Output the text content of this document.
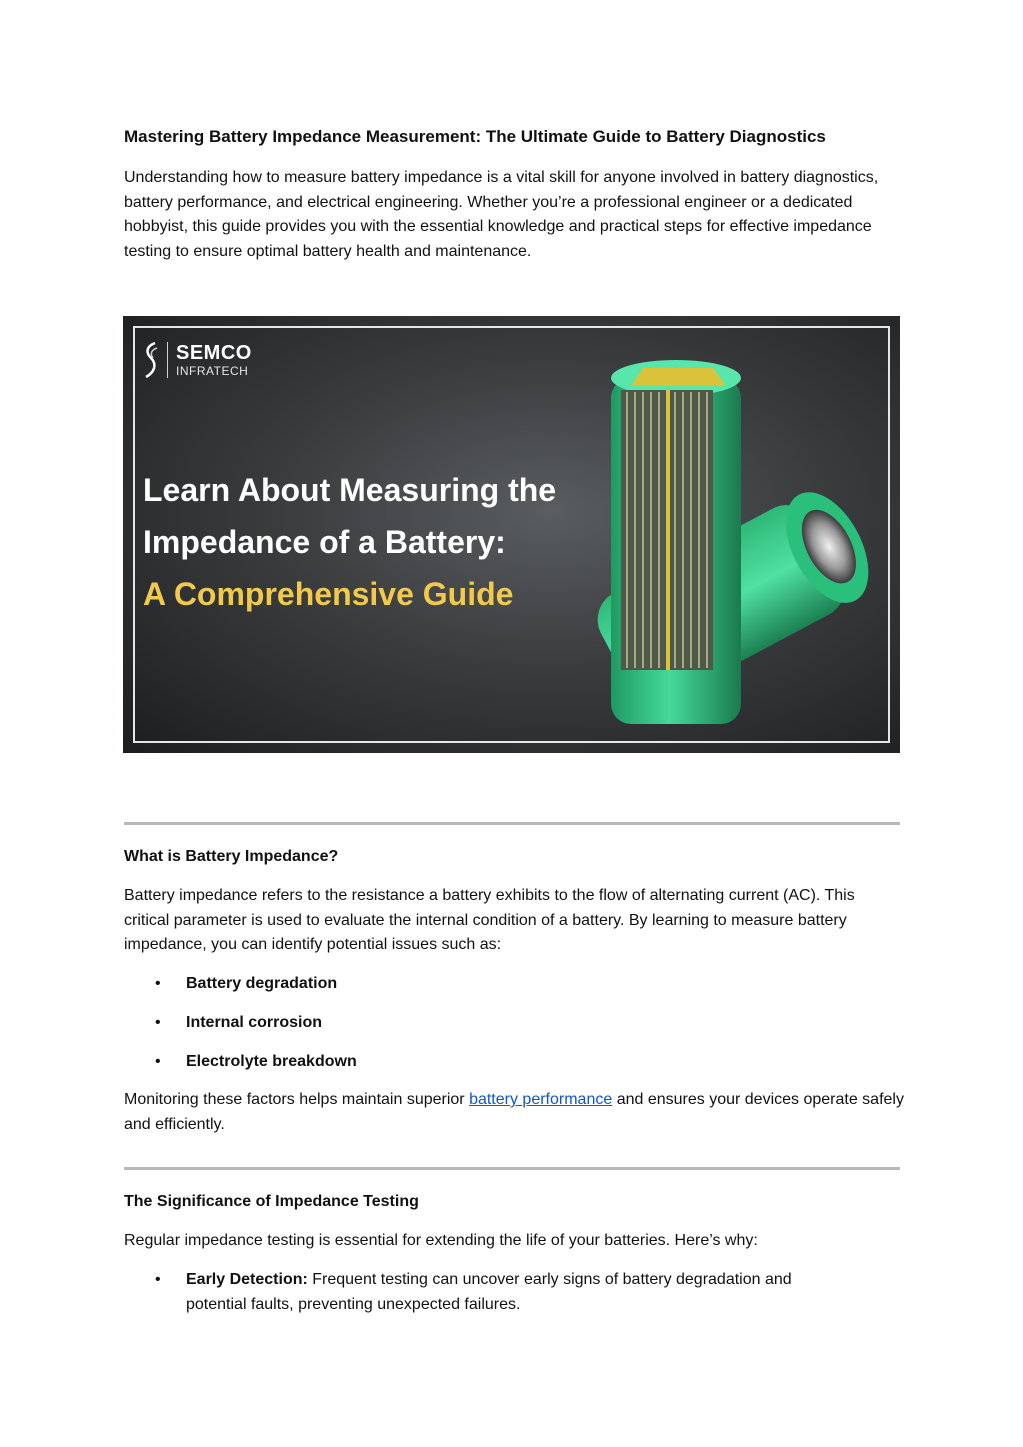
Mastering Battery Impedance Measurement: The Ultimate Guide to Battery Diagnostics
Understanding how to measure battery impedance is a vital skill for anyone involved in battery diagnostics, battery performance, and electrical engineering. Whether you’re a professional engineer or a dedicated hobbyist, this guide provides you with the essential knowledge and practical steps for effective impedance testing to ensure optimal battery health and maintenance.
SEMCO
INFRATECH
Learn About Measuring the
Impedance of a Battery:
A Comprehensive Guide
What is Battery Impedance?
Battery impedance refers to the resistance a battery exhibits to the flow of alternating current (AC). This critical parameter is used to evaluate the internal condition of a battery. By learning to measure battery impedance, you can identify potential issues such as:
• Battery degradation
• Internal corrosion
• Electrolyte breakdown
Monitoring these factors helps maintain superior battery performance and ensures your devices operate safely and efficiently.
The Significance of Impedance Testing
Regular impedance testing is essential for extending the life of your batteries. Here’s why:
• Early Detection: Frequent testing can uncover early signs of battery degradation and potential faults, preventing unexpected failures.
